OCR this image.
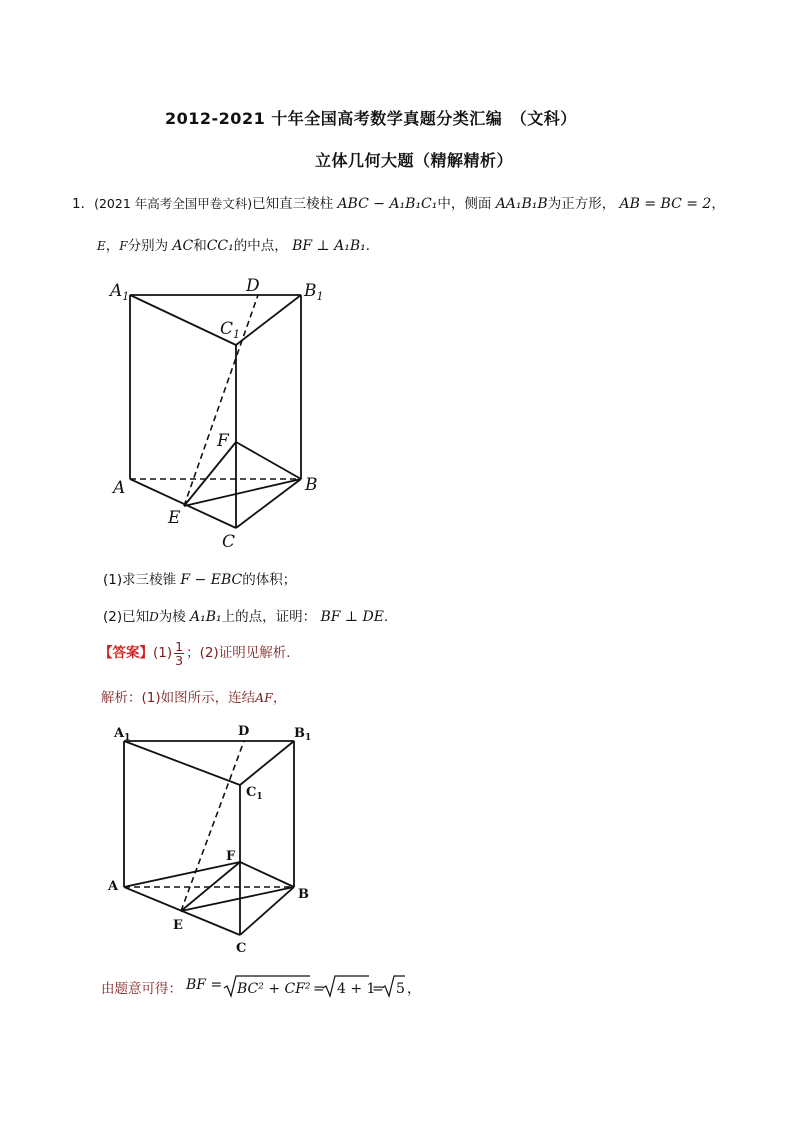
2012-2021 十年全国高考数学真题分类汇编　（文科）
立体几何大题（精解精析）
1．(2021 年高考全国甲卷文科)已知直三棱柱 ABC − A₁B₁C₁中，侧面 AA₁B₁B为正方形， AB = BC = 2，
E，F分别为 AC和CC₁的中点， BF ⊥ A₁B₁．
$A_1$
D	$B_1$
$C_1$
F
A	B
E
C
(1)求三棱锥 F − EBC的体积；
(2)已知D为棱 A₁B₁上的点，证明： BF ⊥ DE．
【答案】$(1) \frac{1}{3}$ ；(2)证明见解析．
解析：(1)如图所示，连结AF，
$A_1$	D	$B_1$
$C_1$
F
A
B
E
C
由题意可得： BF = BC² + CF² = 4 + 1
= 5 ，
